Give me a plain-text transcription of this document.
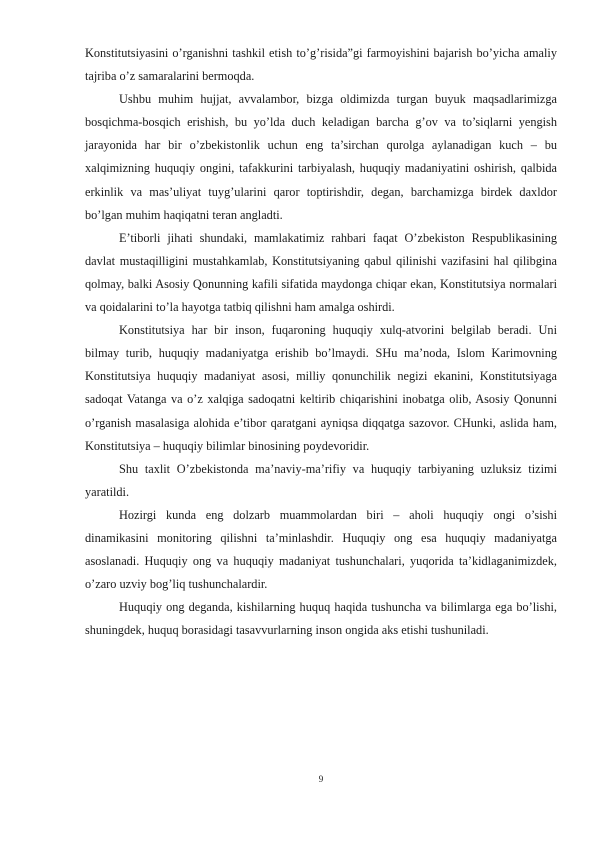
Konstitutsiyasini o’rganishni tashkil etish to’g’risida”gi farmoyishini bajarish bo’yicha amaliy tajriba o’z samaralarini bermoqda.

Ushbu muhim hujjat, avvalambor, bizga oldimizda turgan buyuk maqsadlarimizga bosqichma-bosqich erishish, bu yo’lda duch keladigan barcha g’ov va to’siqlarni yengish jarayonida har bir o’zbekistonlik uchun eng ta’sirchan qurolga aylanadigan kuch – bu xalqimizning huquqiy ongini, tafakkurini tarbiyalash, huquqiy madaniyatini oshirish, qalbida erkinlik va mas’uliyat tuyg’ularini qaror toptirishdir, degan, barchamizga birdek daxldor bo’lgan muhim haqiqatni teran angladti.

E’tiborli jihati shundaki, mamlakatimiz rahbari faqat O’zbekiston Respublikasining davlat mustaqilligini mustahkamlab, Konstitutsiyaning qabul qilinishi vazifasini hal qilibgina qolmay, balki Asosiy Qonunning kafili sifatida maydonga chiqar ekan, Konstitutsiya normalari va qoidalarini to’la hayotga tatbiq qilishni ham amalga oshirdi.

Konstitutsiya har bir inson, fuqaroning huquqiy xulq-atvorini belgilab beradi. Uni bilmay turib, huquqiy madaniyatga erishib bo’lmaydi. SHu ma’noda, Islom Karimovning Konstitutsiya huquqiy madaniyat asosi, milliy qonunchilik negizi ekanini, Konstitutsiyaga sadoqat Vatanga va o’z xalqiga sadoqatni keltirib chiqarishini inobatga olib, Asosiy Qonunni o’rganish masalasiga alohida e’tibor qaratgani ayniqsa diqqatga sazovor. CHunki, aslida ham, Konstitutsiya – huquqiy bilimlar binosining poydevoridir.

Shu taxlit O’zbekistonda ma’naviy-ma’rifiy va huquqiy tarbiyaning uzluksiz tizimi yaratildi.

Hozirgi kunda eng dolzarb muammolardan biri – aholi huquqiy ongi o’sishi dinamikasini monitoring qilishni ta’minlashdir. Huquqiy ong esa huquqiy madaniyatga asoslanadi. Huquqiy ong va huquqiy madaniyat tushunchalari, yuqorida ta’kidlaganimizdek, o’zaro uzviy bog’liq tushunchalardir.

Huquqiy ong deganda, kishilarning huquq haqida tushuncha va bilimlarga ega bo’lishi, shuningdek, huquq borasidagi tasavvurlarning inson ongida aks etishi tushuniladi.

9
